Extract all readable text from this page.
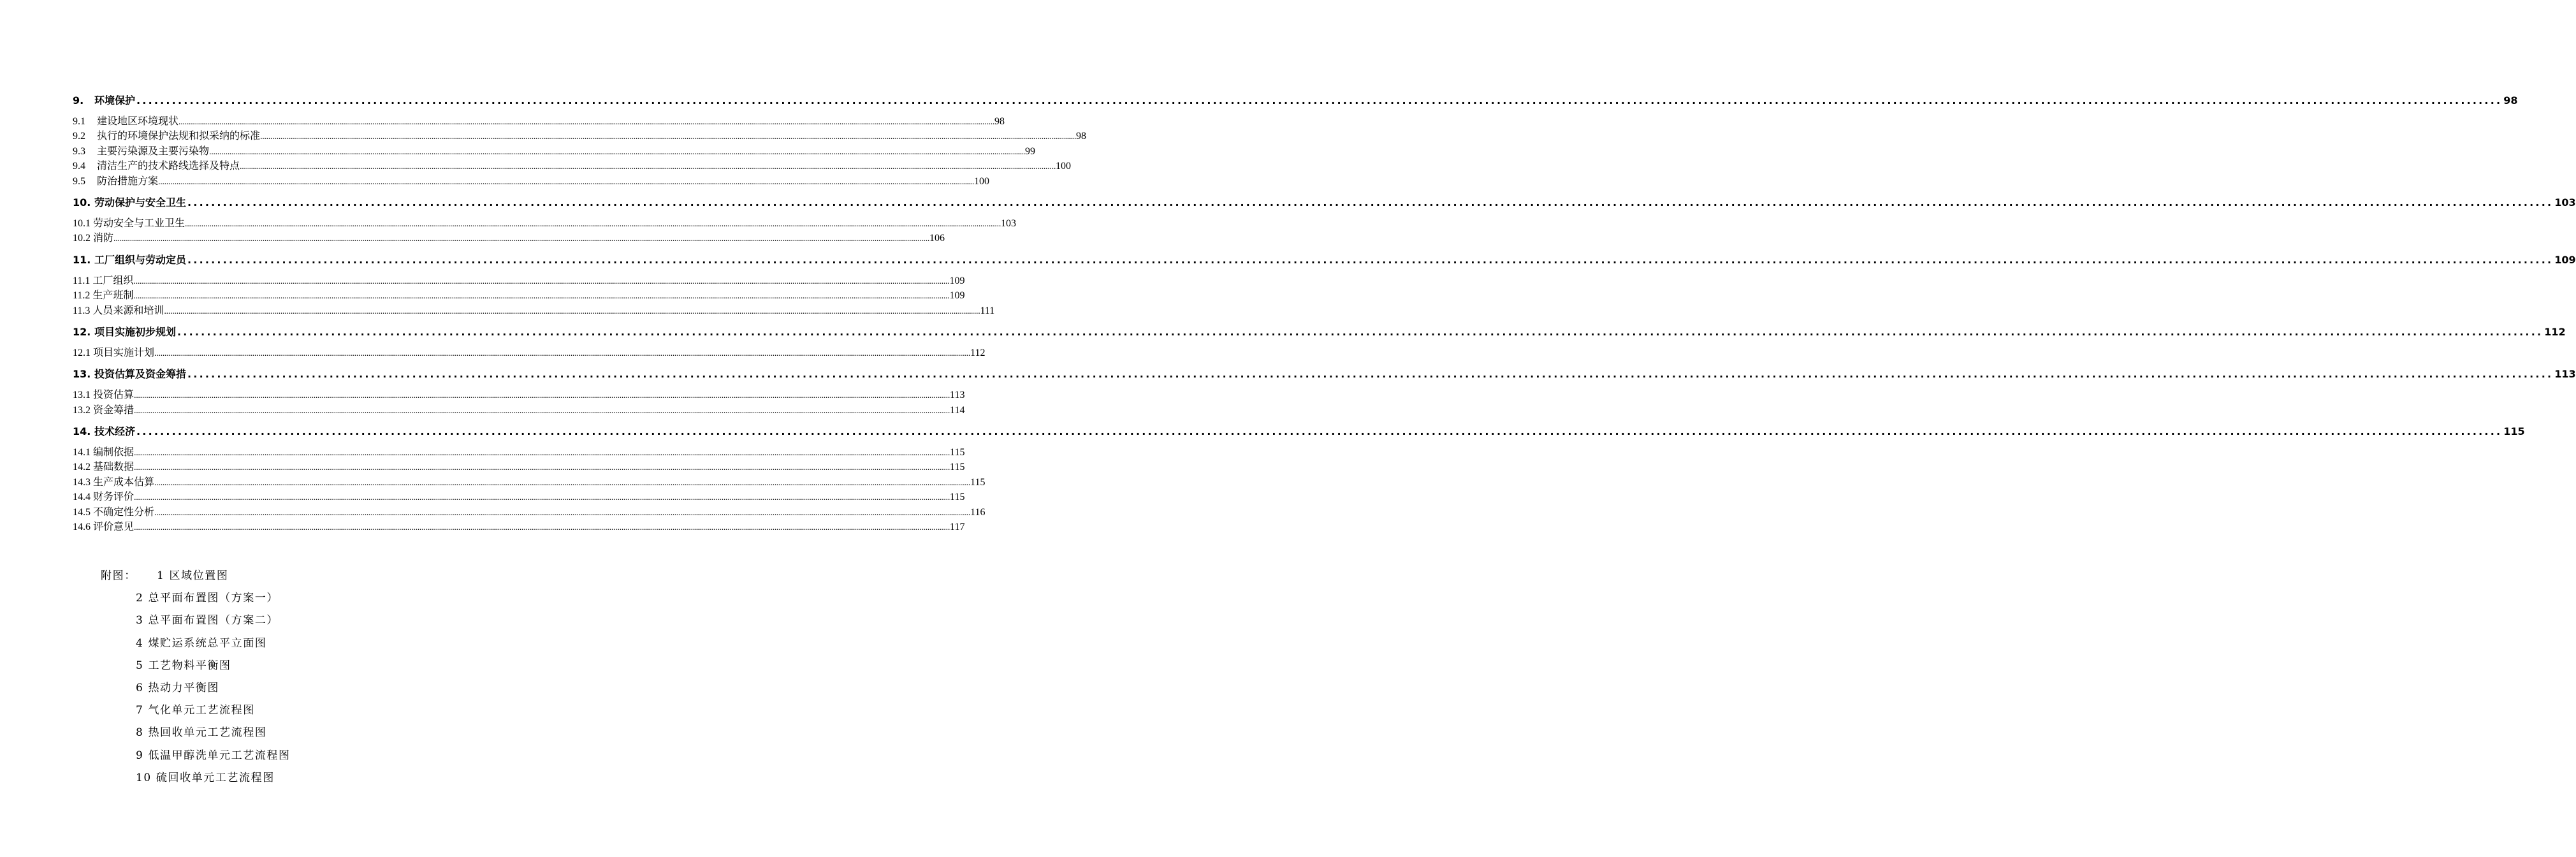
9. 环境保护 ................................................................................................................................................................................................................................................................................................................................................................................................................ 98
9.1 建设地区环境现状 ................................................................................................................................................................................................................................................................................................................................................................................................................ 98
9.2 执行的环境保护法规和拟采纳的标准 ................................................................................................................................................................................................................................................................................................................................................................................................................ 98
9.3 主要污染源及主要污染物 ................................................................................................................................................................................................................................................................................................................................................................................................................ 99
9.4 清洁生产的技术路线选择及特点 ................................................................................................................................................................................................................................................................................................................................................................................................................ 100
9.5 防治措施方案 ................................................................................................................................................................................................................................................................................................................................................................................................................ 100
10. 劳动保护与安全卫生 ................................................................................................................................................................................................................................................................................................................................................................................................................ 103
10.1 劳动安全与工业卫生 ................................................................................................................................................................................................................................................................................................................................................................................................................ 103
10.2 消防 ................................................................................................................................................................................................................................................................................................................................................................................................................ 106
11. 工厂组织与劳动定员 ................................................................................................................................................................................................................................................................................................................................................................................................................ 109
11.1 工厂组织 ................................................................................................................................................................................................................................................................................................................................................................................................................ 109
11.2 生产班制 ................................................................................................................................................................................................................................................................................................................................................................................................................ 109
11.3 人员来源和培训 ................................................................................................................................................................................................................................................................................................................................................................................................................ 111
12. 项目实施初步规划 ................................................................................................................................................................................................................................................................................................................................................................................................................ 112
12.1 项目实施计划 ................................................................................................................................................................................................................................................................................................................................................................................................................ 112
13. 投资估算及资金筹措 ................................................................................................................................................................................................................................................................................................................................................................................................................ 113
13.1 投资估算 ................................................................................................................................................................................................................................................................................................................................................................................................................ 113
13.2 资金筹措 ................................................................................................................................................................................................................................................................................................................................................................................................................ 114
14. 技术经济 ................................................................................................................................................................................................................................................................................................................................................................................................................ 115
14.1 编制依据 ................................................................................................................................................................................................................................................................................................................................................................................................................ 115
14.2 基础数据 ................................................................................................................................................................................................................................................................................................................................................................................................................ 115
14.3 生产成本估算 ................................................................................................................................................................................................................................................................................................................................................................................................................ 115
14.4 财务评价 ................................................................................................................................................................................................................................................................................................................................................................................................................ 115
14.5 不确定性分析 ................................................................................................................................................................................................................................................................................................................................................................................................................ 116
14.6 评价意见 ................................................................................................................................................................................................................................................................................................................................................................................................................ 117
附图： 1 区域位置图
2 总平面布置图（方案一）
3 总平面布置图（方案二）
4 煤贮运系统总平立面图
5 工艺物料平衡图
6 热动力平衡图
7 气化单元工艺流程图
8 热回收单元工艺流程图
9 低温甲醇洗单元工艺流程图
10 硫回收单元工艺流程图
